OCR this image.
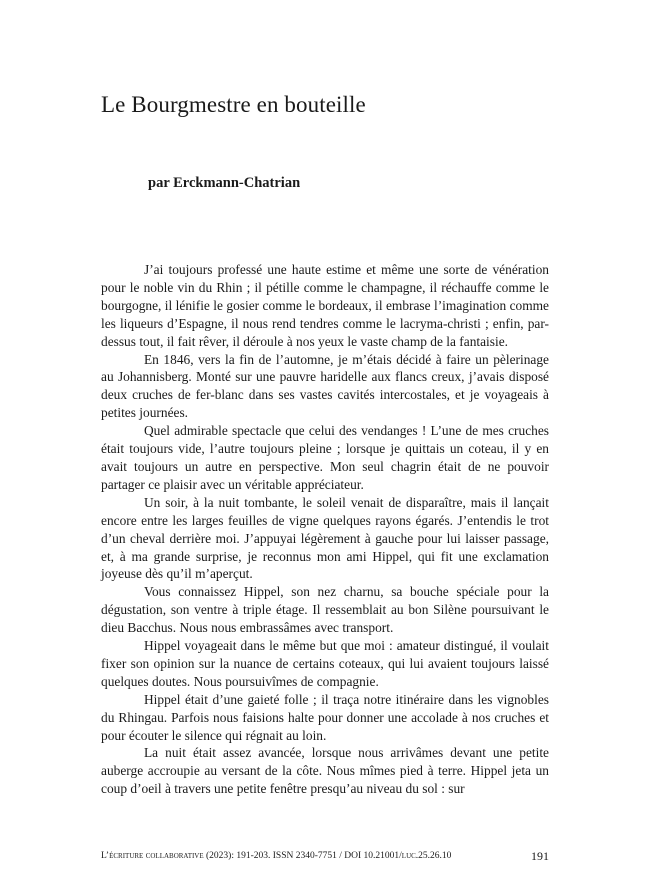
Le Bourgmestre en bouteille
par Erckmann-Chatrian

J’ai toujours professé une haute estime et même une sorte de vénération pour le noble vin du Rhin ; il pétille comme le champagne, il réchauffe comme le bourgogne, il lénifie le gosier comme le bordeaux, il embrase l’imagination comme les liqueurs d’Espagne, il nous rend tendres comme le lacryma-christi ; enfin, par-dessus tout, il fait rêver, il déroule à nos yeux le vaste champ de la fantaisie.

En 1846, vers la fin de l’automne, je m’étais décidé à faire un pèlerinage au Johannisberg. Monté sur une pauvre haridelle aux flancs creux, j’avais disposé deux cruches de fer-blanc dans ses vastes cavités intercostales, et je voyageais à petites journées.

Quel admirable spectacle que celui des vendanges ! L’une de mes cruches était toujours vide, l’autre toujours pleine ; lorsque je quittais un coteau, il y en avait toujours un autre en perspective. Mon seul chagrin était de ne pouvoir partager ce plaisir avec un véritable appréciateur.

Un soir, à la nuit tombante, le soleil venait de disparaître, mais il lançait encore entre les larges feuilles de vigne quelques rayons égarés. J’entendis le trot d’un cheval derrière moi. J’appuyai légèrement à gauche pour lui laisser passage, et, à ma grande surprise, je reconnus mon ami Hippel, qui fit une exclamation joyeuse dès qu’il m’aperçut.

Vous connaissez Hippel, son nez charnu, sa bouche spéciale pour la dégustation, son ventre à triple étage. Il ressemblait au bon Silène poursuivant le dieu Bacchus. Nous nous embrassâmes avec transport.

Hippel voyageait dans le même but que moi : amateur distingué, il voulait fixer son opinion sur la nuance de certains coteaux, qui lui avaient toujours laissé quelques doutes. Nous poursuivîmes de compagnie.

Hippel était d’une gaieté folle ; il traça notre itinéraire dans les vignobles du Rhingau. Parfois nous faisions halte pour donner une accolade à nos cruches et pour écouter le silence qui régnait au loin.

La nuit était assez avancée, lorsque nous arrivâmes devant une petite auberge accroupie au versant de la côte. Nous mîmes pied à terre. Hippel jeta un coup d’oeil à travers une petite fenêtre presqu’au niveau du sol : sur

L’écriture collaborative (2023): 191-203. ISSN 2340-7751 / DOI 10.21001/luc.25.26.10	191
